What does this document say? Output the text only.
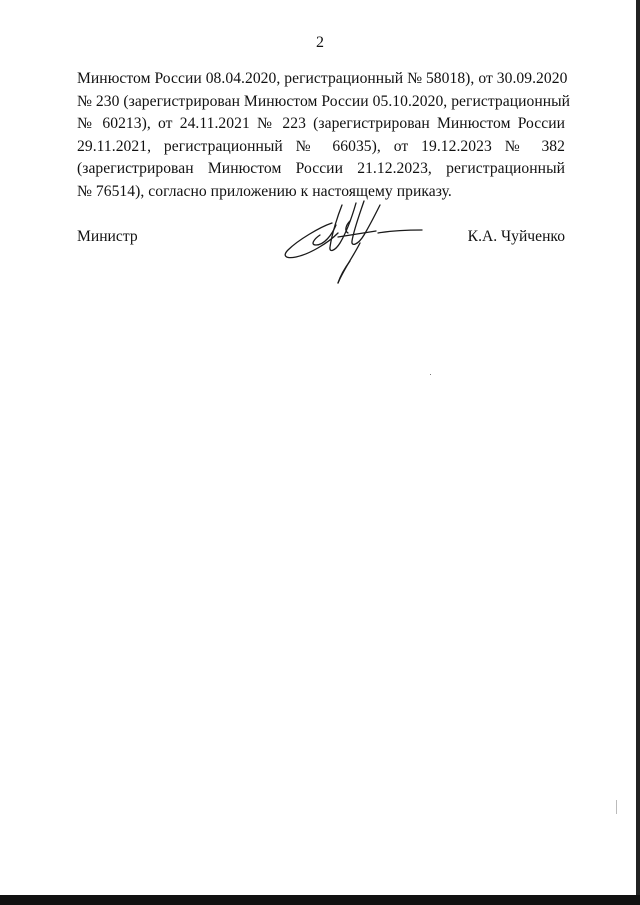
2
Минюстом России 08.04.2020, регистрационный № 58018), от 30.09.2020
№ 230 (зарегистрирован Минюстом России 05.10.2020, регистрационный
№ 60213), от 24.11.2021 № 223 (зарегистрирован Минюстом России
29.11.2021, регистрационный № 66035), от 19.12.2023 № 382
(зарегистрирован Минюстом России 21.12.2023, регистрационный
№ 76514), согласно приложению к настоящему приказу.
Министр	К.А. Чуйченко
